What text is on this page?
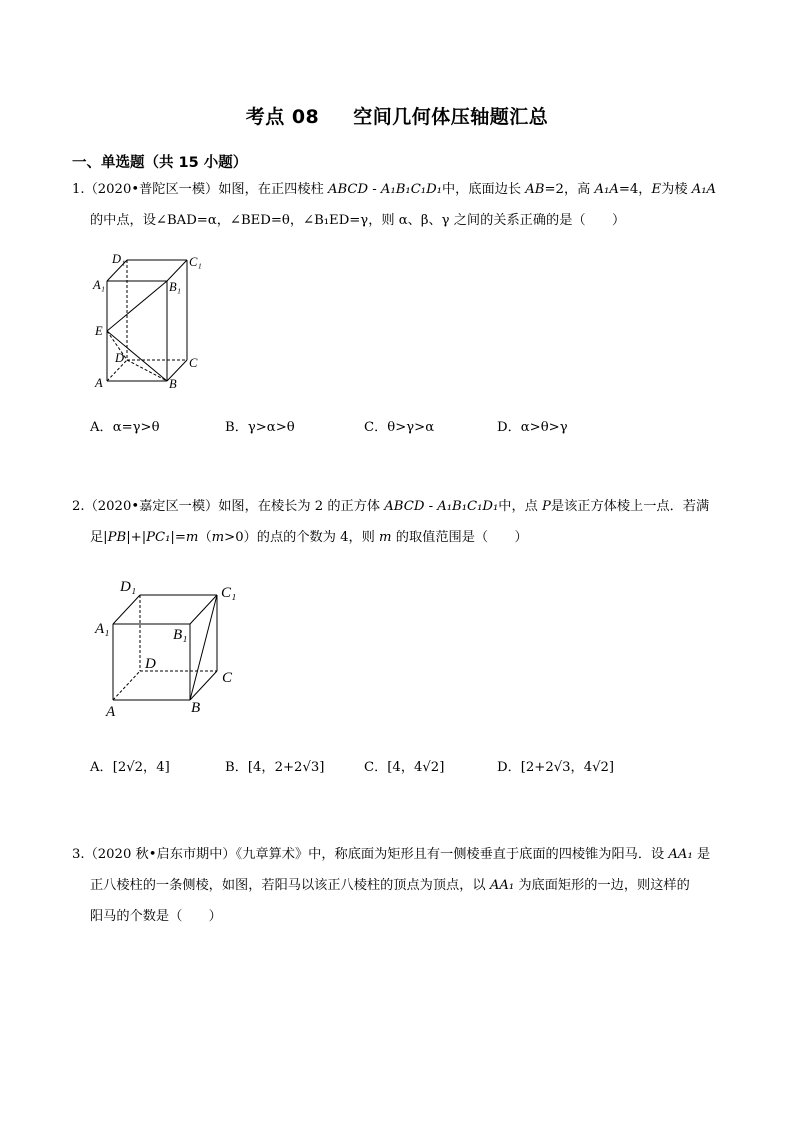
考点 08 空间几何体压轴题汇总
一、单选题（共 15 小题）
1.（2020•普陀区一模）如图，在正四棱柱 ABCD - A₁B₁C₁D₁中，底面边长 AB=2，高 A₁A=4，E为棱 A₁A
的中点，设∠BAD=α，∠BED=θ，∠B₁ED=γ，则 α、β、γ 之间的关系正确的是（　　）
D₁	C₁
A₁	B₁
E
D	C
A	B
A．α=γ>θ	B．γ>α>θ	C．θ>γ>α	D．α>θ>γ
2.（2020•嘉定区一模）如图，在棱长为 2 的正方体 ABCD - A₁B₁C₁D₁中，点 P是该正方体棱上一点．若满
足|PB|+|PC₁|=m（m>0）的点的个数为 4，则 m 的取值范围是（　　）
D₁	C₁
A₁	B₁
D
C
A	B
A．[2√2，4]	B．[4，2+2√3]	C．[4，4√2]	D．[2+2√3，4√2]
3.（2020 秋•启东市期中）《九章算术》中，称底面为矩形且有一侧棱垂直于底面的四棱锥为阳马．设 AA₁ 是
正八棱柱的一条侧棱，如图，若阳马以该正八棱柱的顶点为顶点，以 AA₁ 为底面矩形的一边，则这样的
阳马的个数是（　　）
